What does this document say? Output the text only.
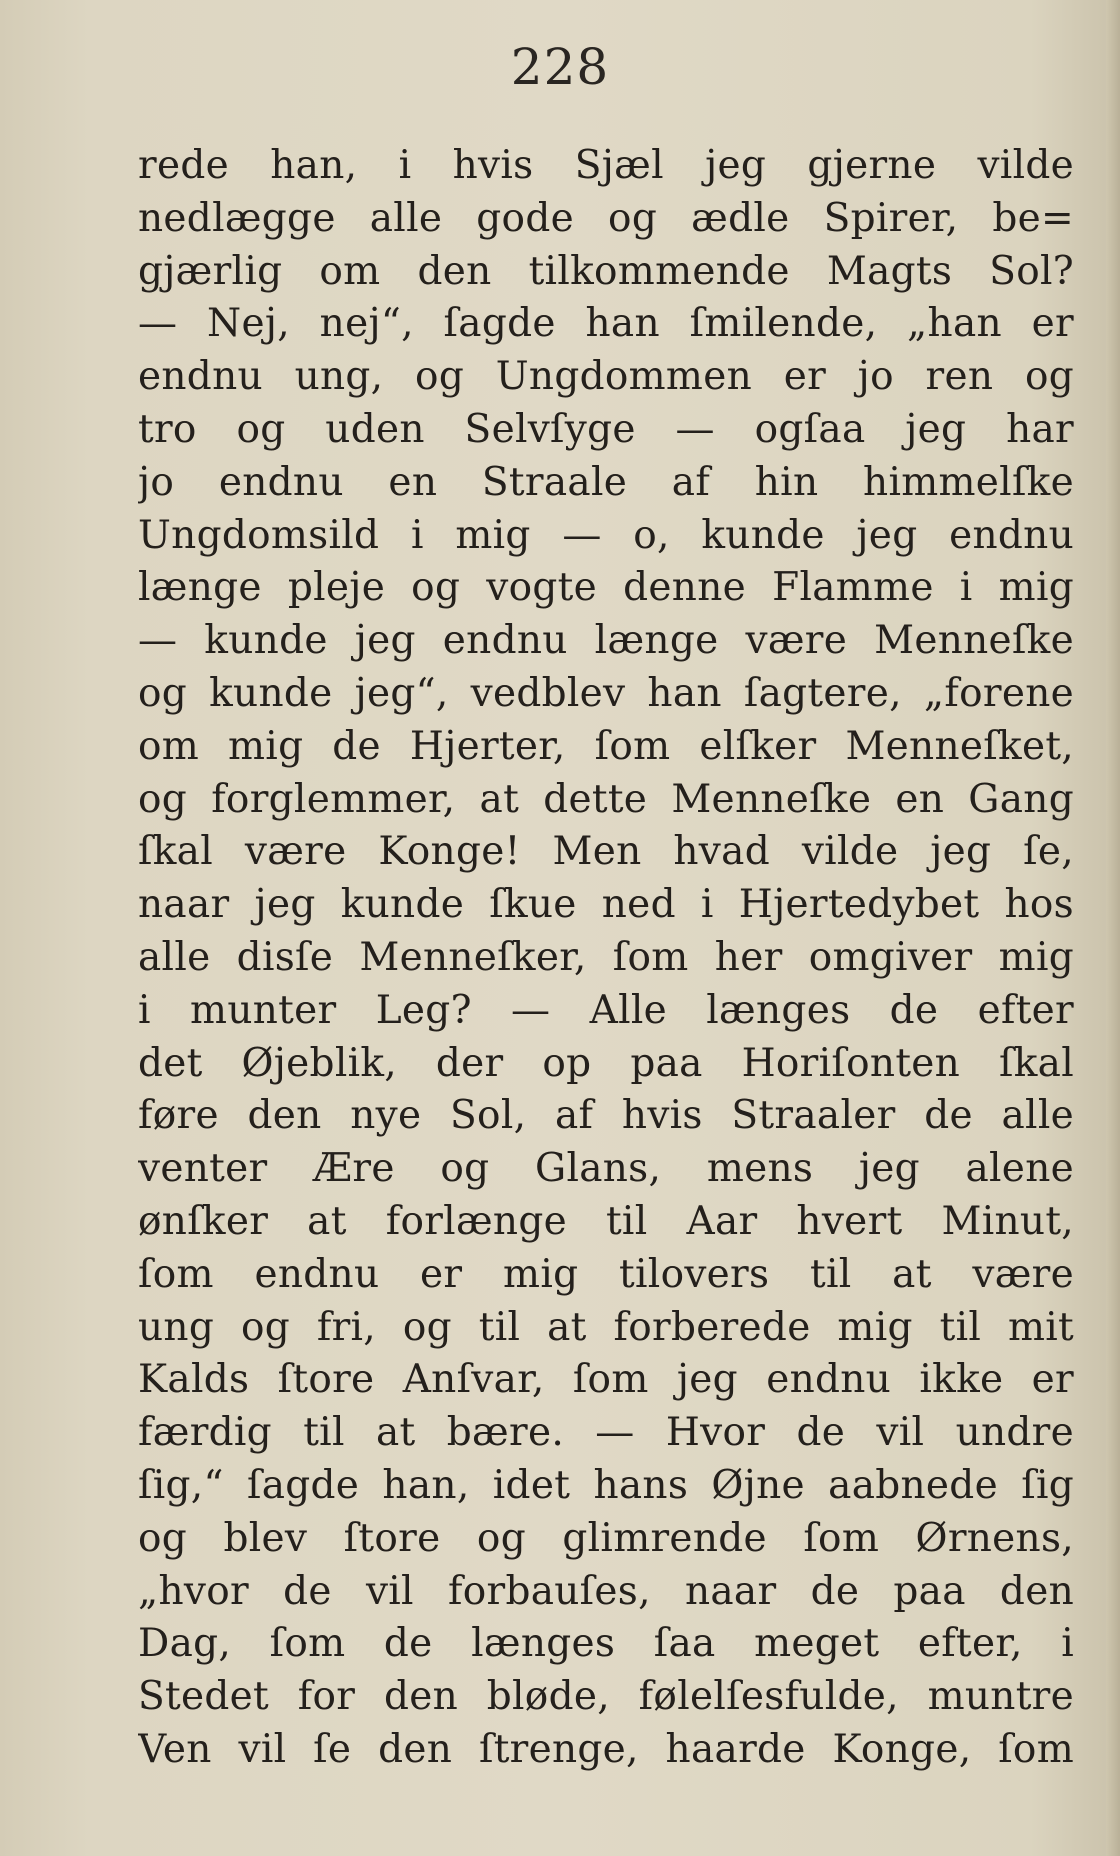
228
rede han, i hvis Sjæl jeg gjerne vilde
nedlægge alle gode og ædle Spirer, be=
gjærlig om den tilkommende Magts Sol?
— Nej, nej“, ſagde han ſmilende, „han er
endnu ung, og Ungdommen er jo ren og
tro og uden Selvſyge — ogſaa jeg har
jo endnu en Straale af hin himmelſke
Ungdomsild i mig — o, kunde jeg endnu
længe pleje og vogte denne Flamme i mig
— kunde jeg endnu længe være Menneſke
og kunde jeg“, vedblev han ſagtere, „forene
om mig de Hjerter, ſom elſker Menneſket,
og forglemmer, at dette Menneſke en Gang
ſkal være Konge! Men hvad vilde jeg ſe,
naar jeg kunde ſkue ned i Hjertedybet hos
alle disſe Menneſker, ſom her omgiver mig
i munter Leg? — Alle længes de efter
det Øjeblik, der op paa Horiſonten ſkal
føre den nye Sol, af hvis Straaler de alle
venter Ære og Glans, mens jeg alene
ønſker at forlænge til Aar hvert Minut,
ſom endnu er mig tilovers til at være
ung og fri, og til at forberede mig til mit
Kalds ſtore Anſvar, ſom jeg endnu ikke er
færdig til at bære. — Hvor de vil undre
ſig,“ ſagde han, idet hans Øjne aabnede ſig
og blev ſtore og glimrende ſom Ørnens,
„hvor de vil forbauſes, naar de paa den
Dag, ſom de længes ſaa meget efter, i
Stedet for den bløde, følelſesfulde, muntre
Ven vil ſe den ſtrenge, haarde Konge, ſom
